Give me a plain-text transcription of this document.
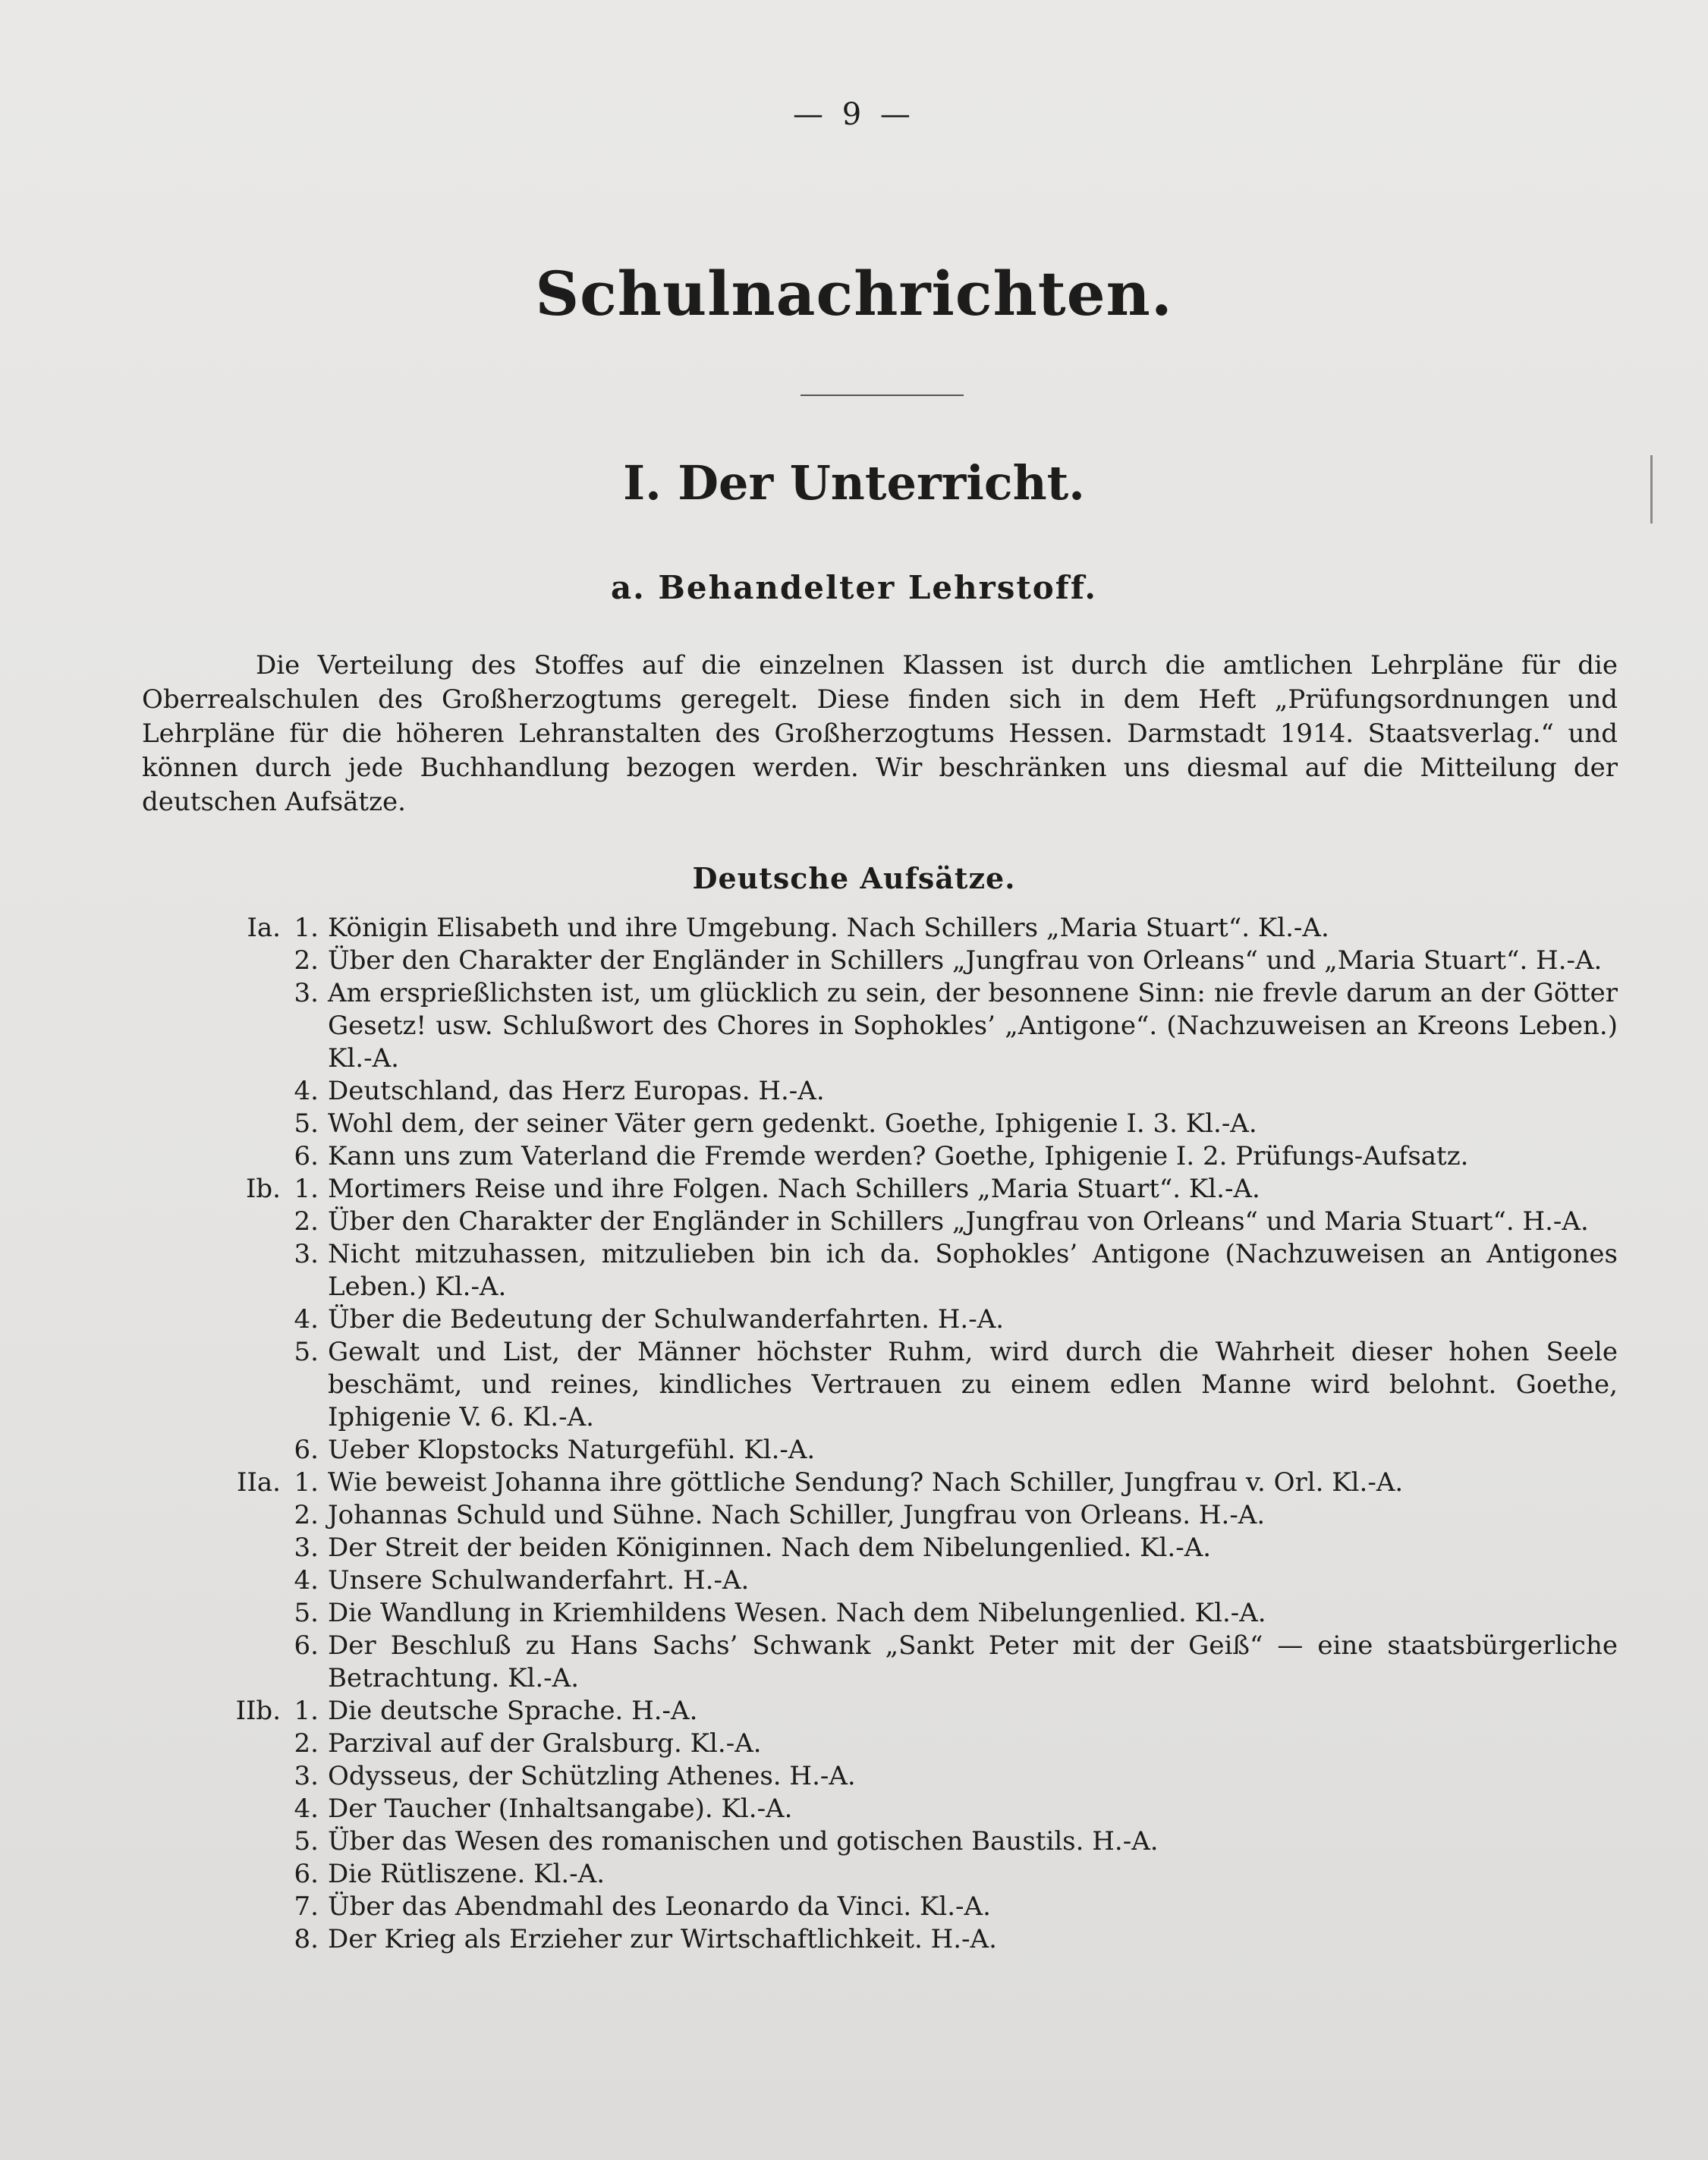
— 9 —
Schulnachrichten.
I. Der Unterricht.
a. Behandelter Lehrstoff.
Die Verteilung des Stoffes auf die einzelnen Klassen ist durch die amtlichen Lehrpläne für die Oberrealschulen des Großherzogtums geregelt. Diese finden sich in dem Heft „Prüfungsordnungen und Lehrpläne für die höheren Lehranstalten des Großherzogtums Hessen. Darmstadt 1914. Staatsverlag.“ und können durch jede Buchhandlung bezogen werden. Wir beschränken uns diesmal auf die Mitteilung der deutschen Aufsätze.
Deutsche Aufsätze.
Ia. 1. Königin Elisabeth und ihre Umgebung. Nach Schillers „Maria Stuart“. Kl.-A.
2. Über den Charakter der Engländer in Schillers „Jungfrau von Orleans“ und „Maria Stuart“. H.-A.
3. Am ersprießlichsten ist, um glücklich zu sein, der besonnene Sinn: nie frevle darum an der Götter Gesetz! usw. Schlußwort des Chores in Sophokles’ „Antigone“. (Nachzuweisen an Kreons Leben.) Kl.-A.
4. Deutschland, das Herz Europas. H.-A.
5. Wohl dem, der seiner Väter gern gedenkt. Goethe, Iphigenie I. 3. Kl.-A.
6. Kann uns zum Vaterland die Fremde werden? Goethe, Iphigenie I. 2. Prüfungs-Aufsatz.
Ib. 1. Mortimers Reise und ihre Folgen. Nach Schillers „Maria Stuart“. Kl.-A.
2. Über den Charakter der Engländer in Schillers „Jungfrau von Orleans“ und Maria Stuart“. H.-A.
3. Nicht mitzuhassen, mitzulieben bin ich da. Sophokles’ Antigone (Nachzuweisen an Antigones Leben.) Kl.-A.
4. Über die Bedeutung der Schulwanderfahrten. H.-A.
5. Gewalt und List, der Männer höchster Ruhm, wird durch die Wahrheit dieser hohen Seele beschämt, und reines, kindliches Vertrauen zu einem edlen Manne wird belohnt. Goethe, Iphigenie V. 6. Kl.-A.
6. Ueber Klopstocks Naturgefühl. Kl.-A.
IIa. 1. Wie beweist Johanna ihre göttliche Sendung? Nach Schiller, Jungfrau v. Orl. Kl.-A.
2. Johannas Schuld und Sühne. Nach Schiller, Jungfrau von Orleans. H.-A.
3. Der Streit der beiden Königinnen. Nach dem Nibelungenlied. Kl.-A.
4. Unsere Schulwanderfahrt. H.-A.
5. Die Wandlung in Kriemhildens Wesen. Nach dem Nibelungenlied. Kl.-A.
6. Der Beschluß zu Hans Sachs’ Schwank „Sankt Peter mit der Geiß“ — eine staatsbürgerliche Betrachtung. Kl.-A.
IIb. 1. Die deutsche Sprache. H.-A.
2. Parzival auf der Gralsburg. Kl.-A.
3. Odysseus, der Schützling Athenes. H.-A.
4. Der Taucher (Inhaltsangabe). Kl.-A.
5. Über das Wesen des romanischen und gotischen Baustils. H.-A.
6. Die Rütliszene. Kl.-A.
7. Über das Abendmahl des Leonardo da Vinci. Kl.-A.
8. Der Krieg als Erzieher zur Wirtschaftlichkeit. H.-A.
